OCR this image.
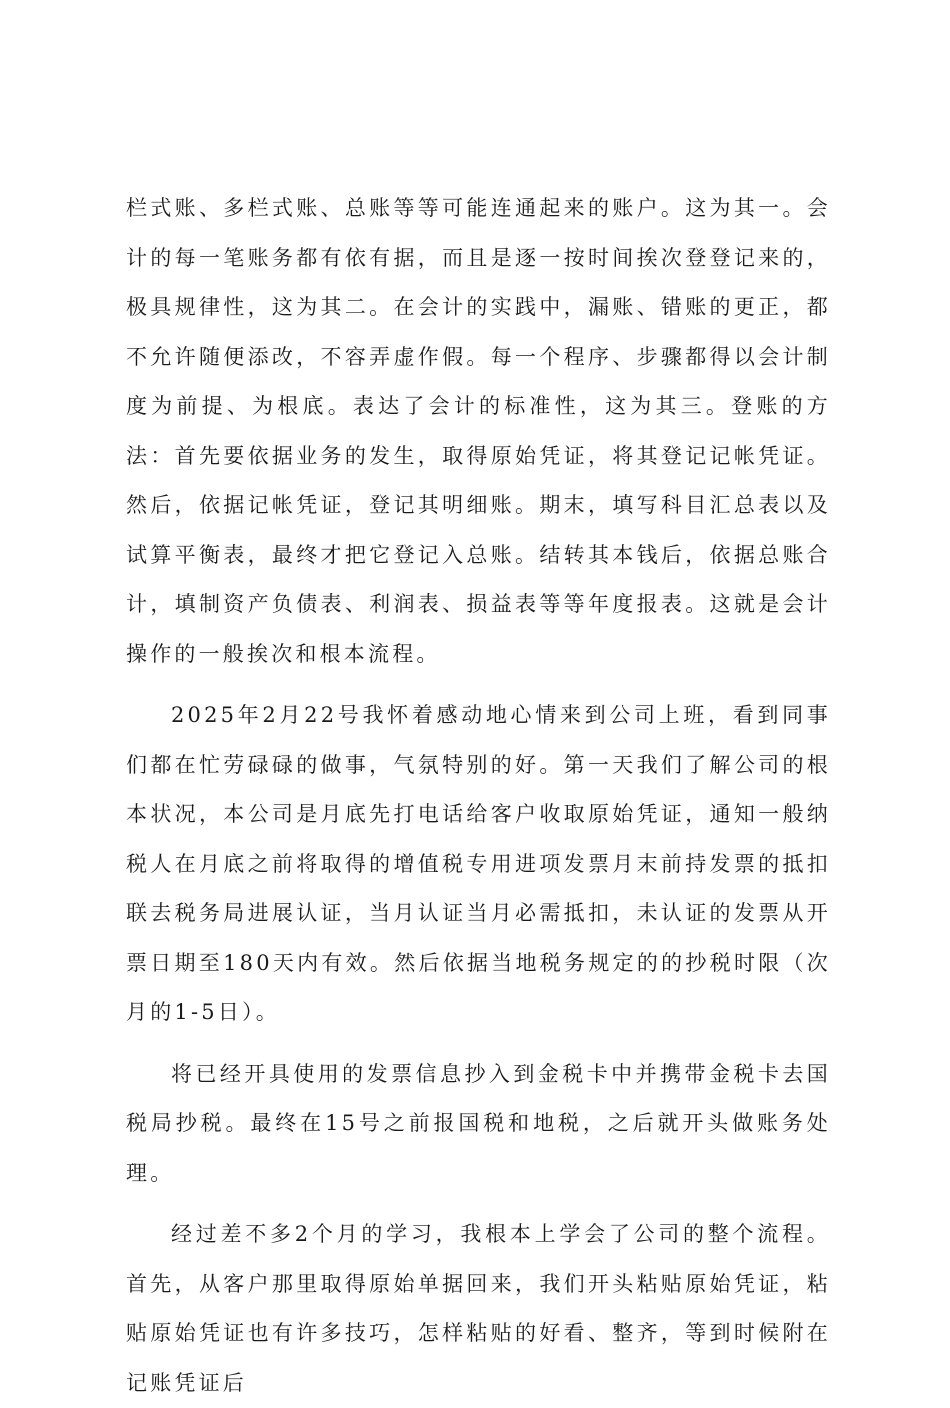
栏式账、多栏式账、总账等等可能连通起来的账户。这为其一。会计的每一笔账务都有依有据，而且是逐一按时间挨次登登记来的，极具规律性，这为其二。在会计的实践中，漏账、错账的更正，都不允许随便添改，不容弄虚作假。每一个程序、步骤都得以会计制度为前提、为根底。表达了会计的标准性，这为其三。登账的方法：首先要依据业务的发生，取得原始凭证，将其登记记帐凭证。然后，依据记帐凭证，登记其明细账。期末，填写科目汇总表以及试算平衡表，最终才把它登记入总账。结转其本钱后，依据总账合计，填制资产负债表、利润表、损益表等等年度报表。这就是会计操作的一般挨次和根本流程。

2025年2月22号我怀着感动地心情来到公司上班，看到同事们都在忙劳碌碌的做事，气氛特别的好。第一天我们了解公司的根本状况，本公司是月底先打电话给客户收取原始凭证，通知一般纳税人在月底之前将取得的增值税专用进项发票月末前持发票的抵扣联去税务局进展认证，当月认证当月必需抵扣，未认证的发票从开票日期至180天内有效。然后依据当地税务规定的的抄税时限（次月的1-5日）。

将已经开具使用的发票信息抄入到金税卡中并携带金税卡去国税局抄税。最终在15号之前报国税和地税，之后就开头做账务处理。

经过差不多2个月的学习，我根本上学会了公司的整个流程。首先，从客户那里取得原始单据回来，我们开头粘贴原始凭证，粘贴原始凭证也有许多技巧，怎样粘贴的好看、整齐，等到时候附在记账凭证后
